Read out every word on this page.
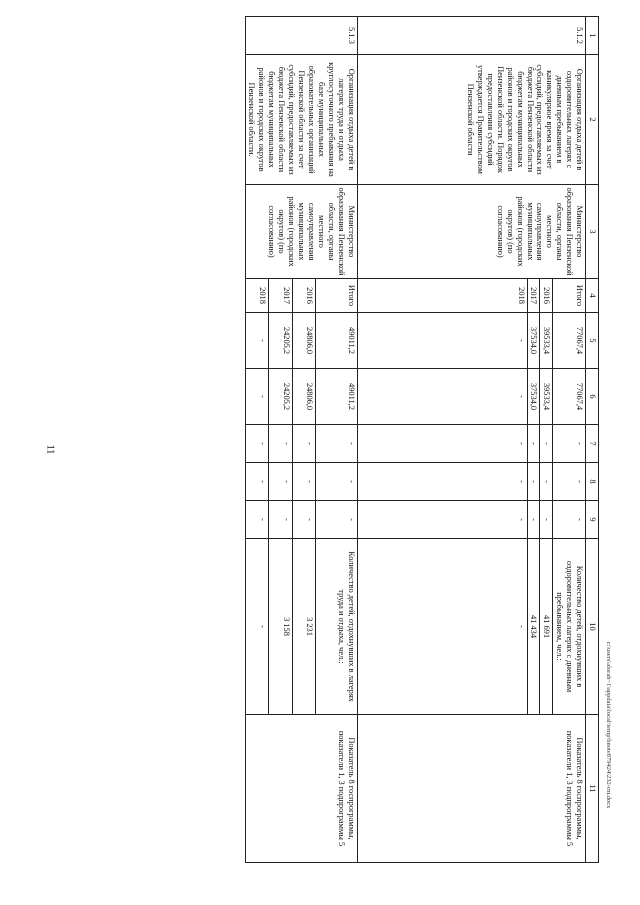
11
1	2	3	4	5	6	7	8	9	10	11
5.1.2	Организация отдыха детей в оздоровительных лагерях с дневным пребыванием в каникулярное время за счет субсидий, предоставляемых из бюджета Пензенской области бюджетам муниципальных районов и городских округов Пензенской области. Порядок предоставления субсидий утверждается Правительством Пензенской области	Министерство образования Пензенской области, органы местного самоуправления муниципальных районов (городских округов) (по согласованию)	Итого	77067,4	77067,4	-	-	-	Количество детей, отдохнувших в оздоровительных лагерях с дневным пребыванием, чел.:	Показатель 8 госпрограммы, показатели 1, 3 подпрограммы 5
			2016	39533,4	39533,4	-	-	-	41 691	
			2017	37534,0	37534,0	-	-	-	41 434	
			2018	-	-	-	-	-	-	
5.1.3	Организация отдыха детей в лагерях труда и отдыха круглосуточного пребывания на базе муниципальных образовательных организаций Пензенской области за счет субсидий, предоставляемых из бюджета Пензенской области бюджетам муниципальных районов и городских округов Пензенской области.	Министерство образования Пензенской области, органы местного самоуправления муниципальных районов (городских округов) (по согласованию)	Итого	49011,2	49011,2	-	-	-	Количество детей, отдохнувших в лагерях труда и отдыха, чел.:	Показатель 8 госпрограммы, показатели 1, 3 подпрограммы 5
			2016	24806,0	24806,0	-	-	-	3 231	
			2017	24205,2	24205,2	-	-	-	3 158	
			2018	-	-	-	-	-	-	
c:\users\alorah~1\appdata\local\temp\bnote879424\232-rm.docx
